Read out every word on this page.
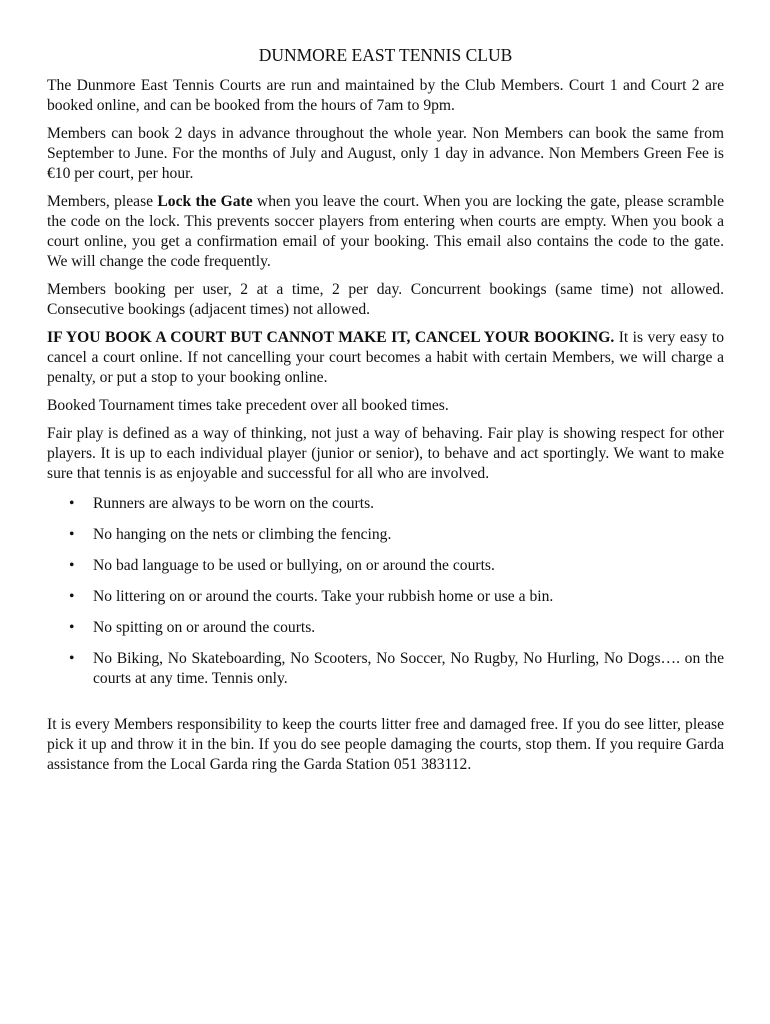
DUNMORE EAST TENNIS CLUB

The Dunmore East Tennis Courts are run and maintained by the Club Members. Court 1 and Court 2 are booked online, and can be booked from the hours of 7am to 9pm.

Members can book 2 days in advance throughout the whole year. Non Members can book the same from September to June. For the months of July and August, only 1 day in advance. Non Members Green Fee is €10 per court, per hour.

Members, please Lock the Gate when you leave the court. When you are locking the gate, please scramble the code on the lock. This prevents soccer players from entering when courts are empty. When you book a court online, you get a confirmation email of your booking. This email also contains the code to the gate. We will change the code frequently.

Members booking per user, 2 at a time, 2 per day. Concurrent bookings (same time) not allowed. Consecutive bookings (adjacent times) not allowed.

IF YOU BOOK A COURT BUT CANNOT MAKE IT, CANCEL YOUR BOOKING. It is very easy to cancel a court online. If not cancelling your court becomes a habit with certain Members, we will charge a penalty, or put a stop to your booking online.

Booked Tournament times take precedent over all booked times.

Fair play is defined as a way of thinking, not just a way of behaving. Fair play is showing respect for other players. It is up to each individual player (junior or senior), to behave and act sportingly. We want to make sure that tennis is as enjoyable and successful for all who are involved.

• Runners are always to be worn on the courts.
• No hanging on the nets or climbing the fencing.
• No bad language to be used or bullying, on or around the courts.
• No littering on or around the courts. Take your rubbish home or use a bin.
• No spitting on or around the courts.
• No Biking, No Skateboarding, No Scooters, No Soccer, No Rugby, No Hurling, No Dogs…. on the courts at any time. Tennis only.

It is every Members responsibility to keep the courts litter free and damaged free. If you do see litter, please pick it up and throw it in the bin. If you do see people damaging the courts, stop them. If you require Garda assistance from the Local Garda ring the Garda Station 051 383112.
